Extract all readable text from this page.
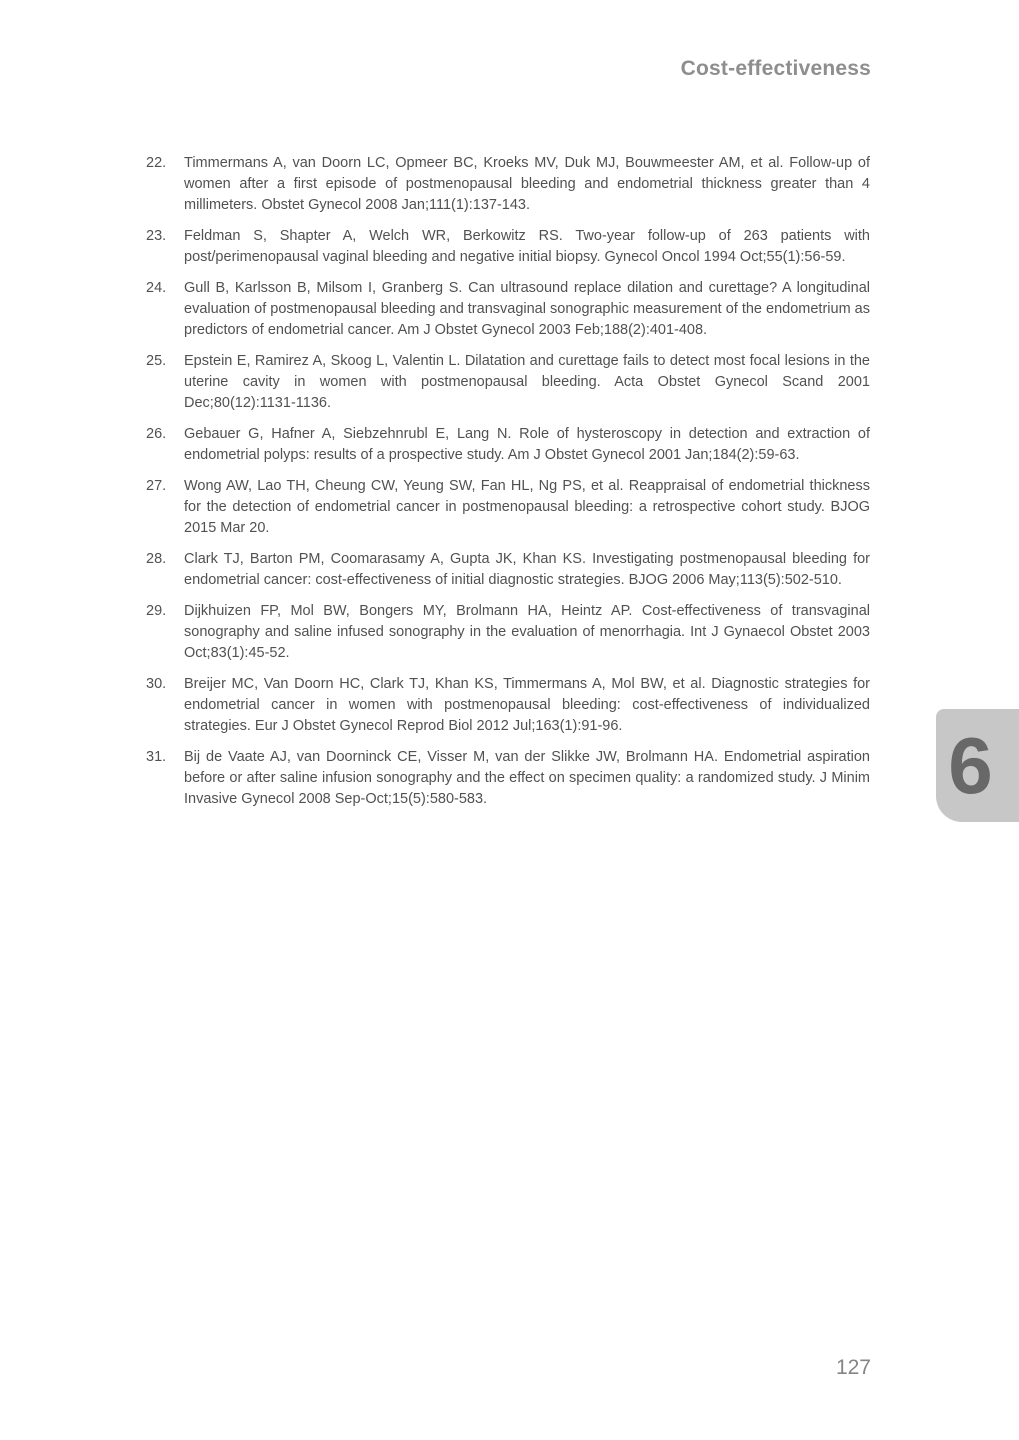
Cost-effectiveness
22.	Timmermans A, van Doorn LC, Opmeer BC, Kroeks MV, Duk MJ, Bouwmeester AM, et al. Follow-up of women after a first episode of postmenopausal bleeding and endometrial thickness greater than 4 millimeters. Obstet Gynecol 2008 Jan;111(1):137-143.
23.	Feldman S, Shapter A, Welch WR, Berkowitz RS. Two-year follow-up of 263 patients with post/perimenopausal vaginal bleeding and negative initial biopsy. Gynecol Oncol 1994 Oct;55(1):56-59.
24.	Gull B, Karlsson B, Milsom I, Granberg S. Can ultrasound replace dilation and curettage? A longitudinal evaluation of postmenopausal bleeding and transvaginal sonographic measurement of the endometrium as predictors of endometrial cancer. Am J Obstet Gynecol 2003 Feb;188(2):401-408.
25.	Epstein E, Ramirez A, Skoog L, Valentin L. Dilatation and curettage fails to detect most focal lesions in the uterine cavity in women with postmenopausal bleeding. Acta Obstet Gynecol Scand 2001 Dec;80(12):1131-1136.
26.	Gebauer G, Hafner A, Siebzehnrubl E, Lang N. Role of hysteroscopy in detection and extraction of endometrial polyps: results of a prospective study. Am J Obstet Gynecol 2001 Jan;184(2):59-63.
27.	Wong AW, Lao TH, Cheung CW, Yeung SW, Fan HL, Ng PS, et al. Reappraisal of endometrial thickness for the detection of endometrial cancer in postmenopausal bleeding: a retrospective cohort study. BJOG 2015 Mar 20.
28.	Clark TJ, Barton PM, Coomarasamy A, Gupta JK, Khan KS. Investigating postmenopausal bleeding for endometrial cancer: cost-effectiveness of initial diagnostic strategies. BJOG 2006 May;113(5):502-510.
29.	Dijkhuizen FP, Mol BW, Bongers MY, Brolmann HA, Heintz AP. Cost-effectiveness of transvaginal sonography and saline infused sonography in the evaluation of menorrhagia. Int J Gynaecol Obstet 2003 Oct;83(1):45-52.
30.	Breijer MC, Van Doorn HC, Clark TJ, Khan KS, Timmermans A, Mol BW, et al. Diagnostic strategies for endometrial cancer in women with postmenopausal bleeding: cost-effectiveness of individualized strategies. Eur J Obstet Gynecol Reprod Biol 2012 Jul;163(1):91-96.
31.	Bij de Vaate AJ, van Doorninck CE, Visser M, van der Slikke JW, Brolmann HA. Endometrial aspiration before or after saline infusion sonography and the effect on specimen quality: a randomized study. J Minim Invasive Gynecol 2008 Sep-Oct;15(5):580-583.	6
127
